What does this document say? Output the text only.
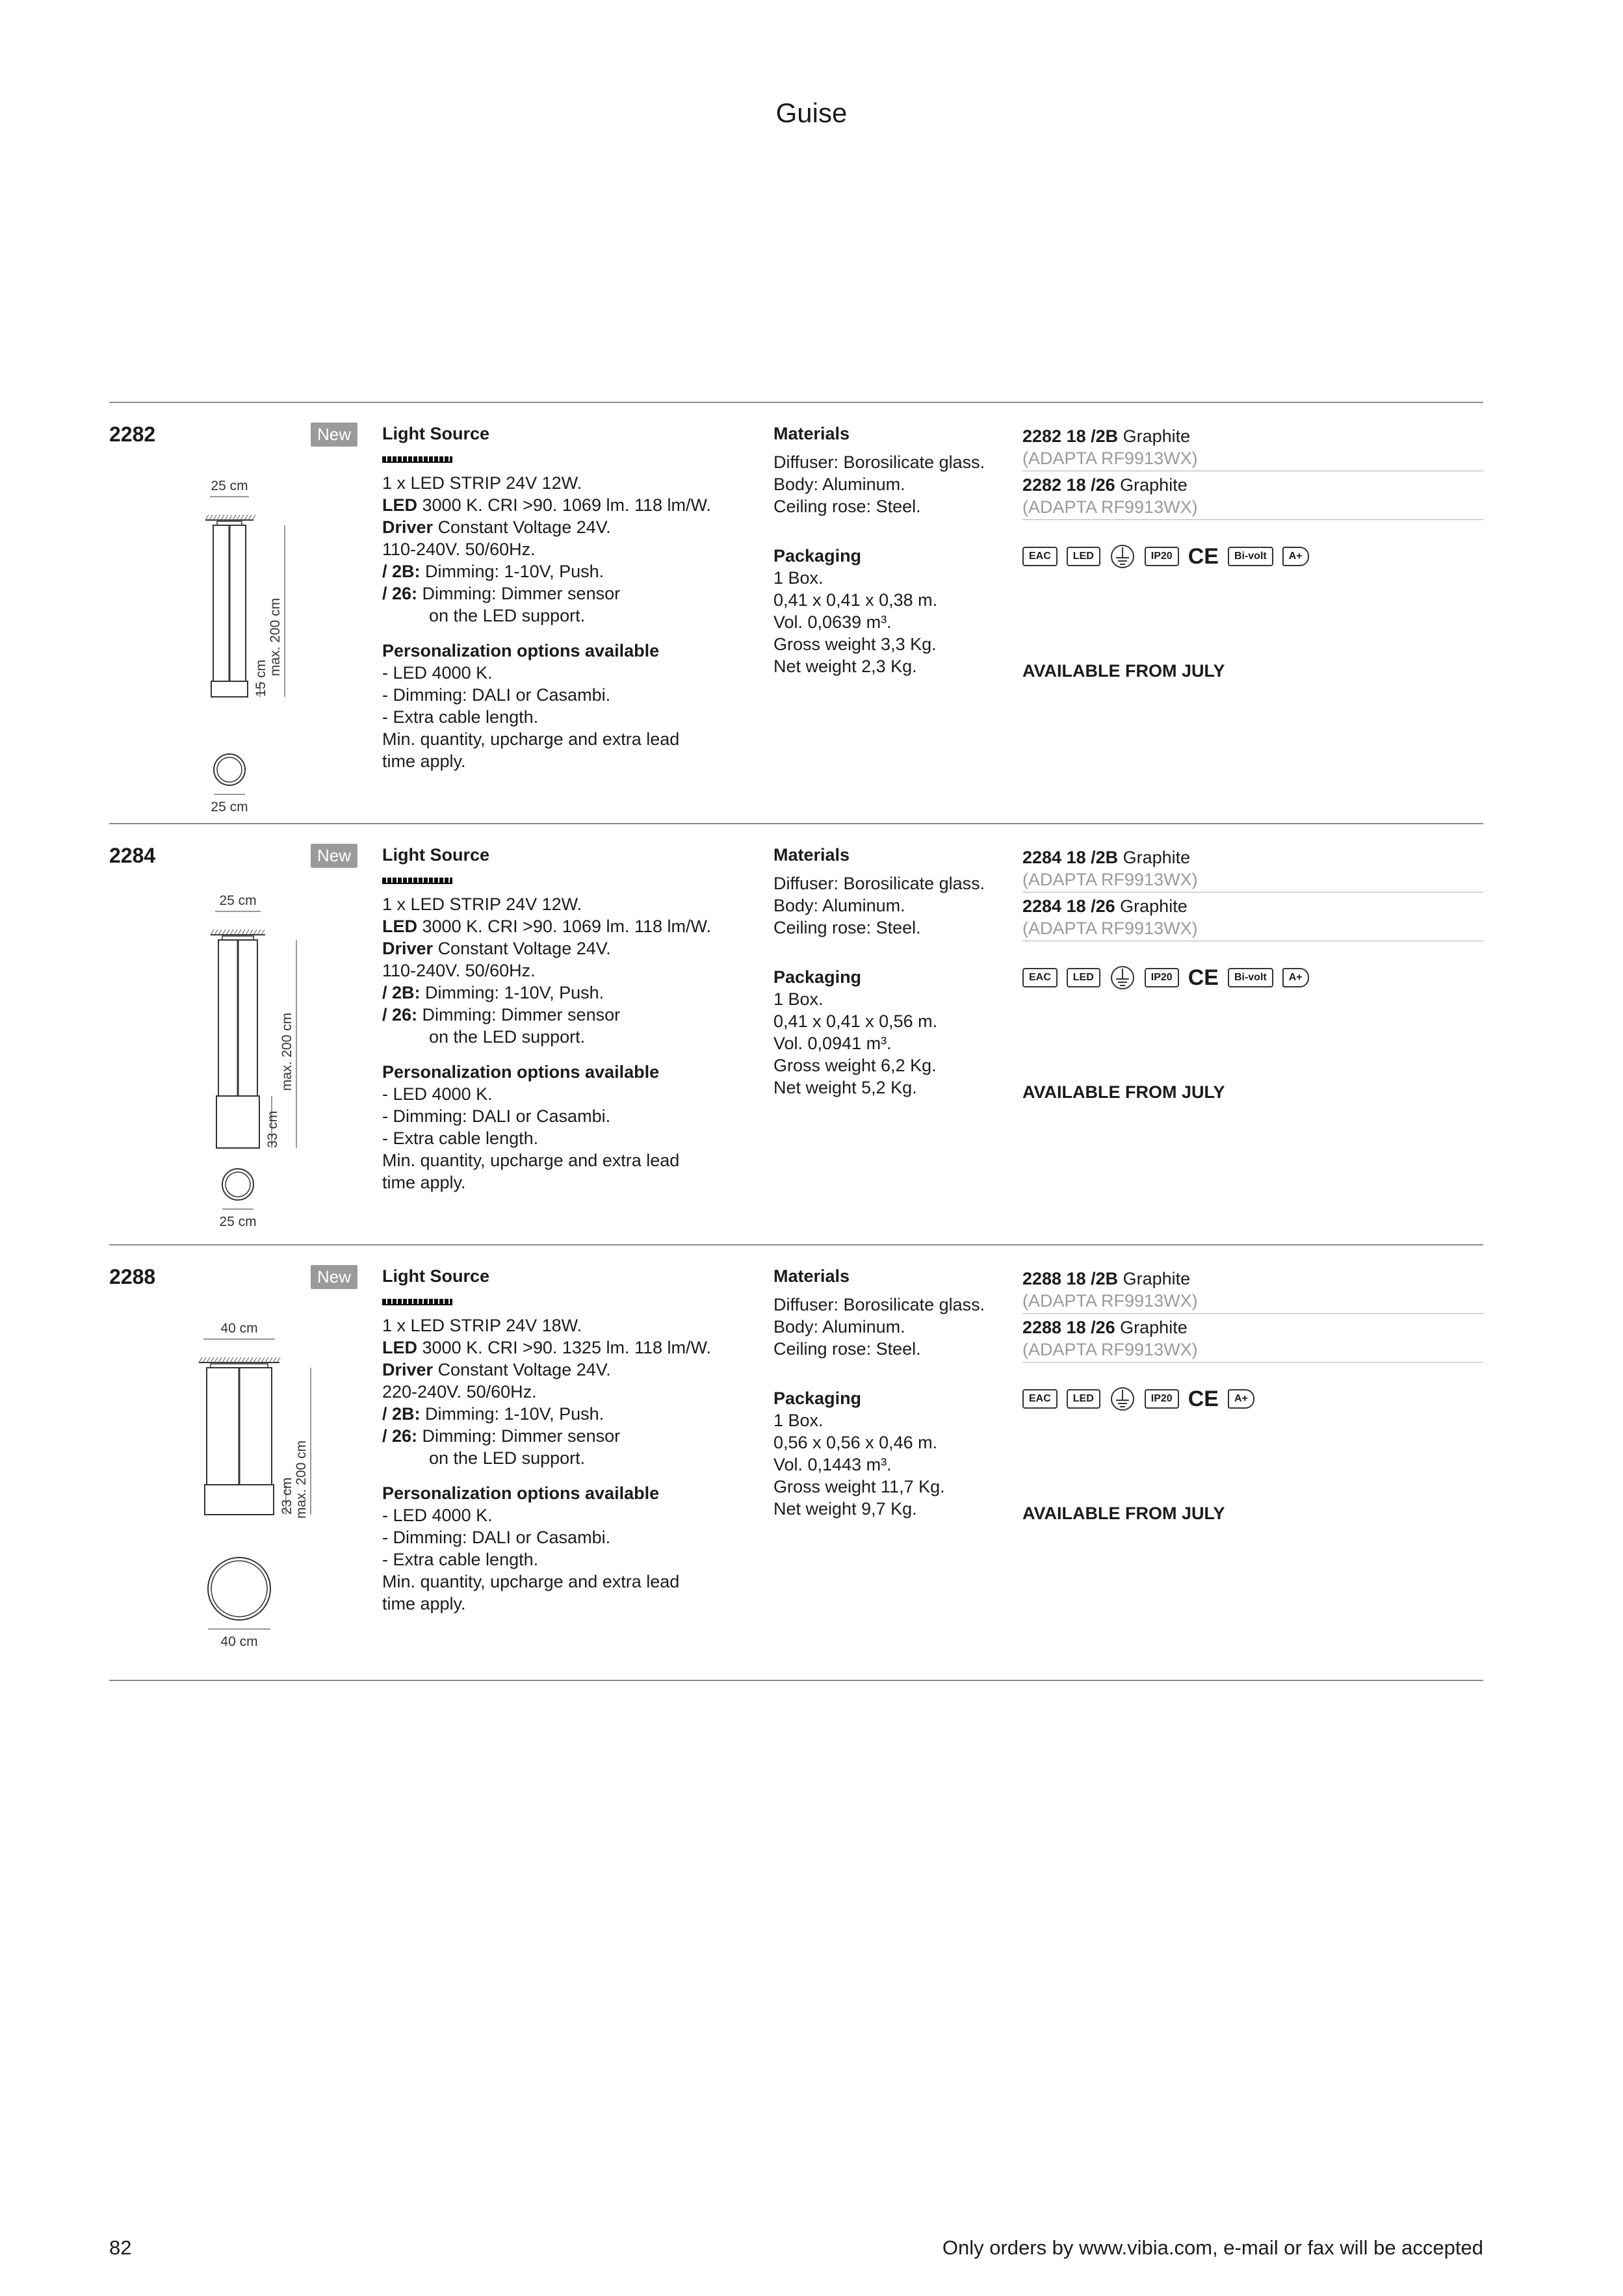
Guise
2282	New
25 cm
15 cm
max. 200 cm
25 cm

Light Source

1 x LED STRIP 24V 12W.

LED 3000 K. CRI >90. 1069 lm. 118 lm/W.

Driver Constant Voltage 24V.

110-240V. 50/60Hz.

/ 2B: Dimming: 1-10V, Push.

/ 26: Dimming: Dimmer sensor

on the LED support.

Personalization options available

- LED 4000 K.

- Dimming: DALI or Casambi.

- Extra cable length.

Min. quantity, upcharge and extra lead

time apply.

Materials

Diffuser: Borosilicate glass.

Body: Aluminum.

Ceiling rose: Steel.

Packaging

1 Box.

0,41 x 0,41 x 0,38 m.

Vol. 0,0639 m³.

Gross weight 3,3 Kg.

Net weight 2,3 Kg.

2282 18 /2B Graphite
(ADAPTA RF9913WX)
2282 18 /26 Graphite
(ADAPTA RF9913WX)
EAC	LED	IP20 CE	Bi-volt	A+
AVAILABLE FROM JULY
2284	New
25 cm
33 cm
max. 200 cm
25 cm

Light Source

1 x LED STRIP 24V 12W.

LED 3000 K. CRI >90. 1069 lm. 118 lm/W.

Driver Constant Voltage 24V.

110-240V. 50/60Hz.

/ 2B: Dimming: 1-10V, Push.

/ 26: Dimming: Dimmer sensor

on the LED support.

Personalization options available

- LED 4000 K.

- Dimming: DALI or Casambi.

- Extra cable length.

Min. quantity, upcharge and extra lead

time apply.

Materials

Diffuser: Borosilicate glass.

Body: Aluminum.

Ceiling rose: Steel.

Packaging

1 Box.

0,41 x 0,41 x 0,56 m.

Vol. 0,0941 m³.

Gross weight 6,2 Kg.

Net weight 5,2 Kg.

2284 18 /2B Graphite
(ADAPTA RF9913WX)
2284 18 /26 Graphite
(ADAPTA RF9913WX)
EAC	LED	IP20 CE	Bi-volt	A+
AVAILABLE FROM JULY
2288	New
40 cm
23 cm max. 200 cm
40 cm

Light Source

1 x LED STRIP 24V 18W.

LED 3000 K. CRI >90. 1325 lm. 118 lm/W.

Driver Constant Voltage 24V.

220-240V. 50/60Hz.

/ 2B: Dimming: 1-10V, Push.

/ 26: Dimming: Dimmer sensor

on the LED support.

Personalization options available

- LED 4000 K.

- Dimming: DALI or Casambi.

- Extra cable length.

Min. quantity, upcharge and extra lead

time apply.

Materials

Diffuser: Borosilicate glass.

Body: Aluminum.

Ceiling rose: Steel.

Packaging

1 Box.

0,56 x 0,56 x 0,46 m.

Vol. 0,1443 m³.

Gross weight 11,7 Kg.

Net weight 9,7 Kg.

2288 18 /2B Graphite
(ADAPTA RF9913WX)
2288 18 /26 Graphite
(ADAPTA RF9913WX)
EAC	LED	IP20 CE	A+
AVAILABLE FROM JULY
82	Only orders by www.vibia.com, e-mail or fax will be accepted
